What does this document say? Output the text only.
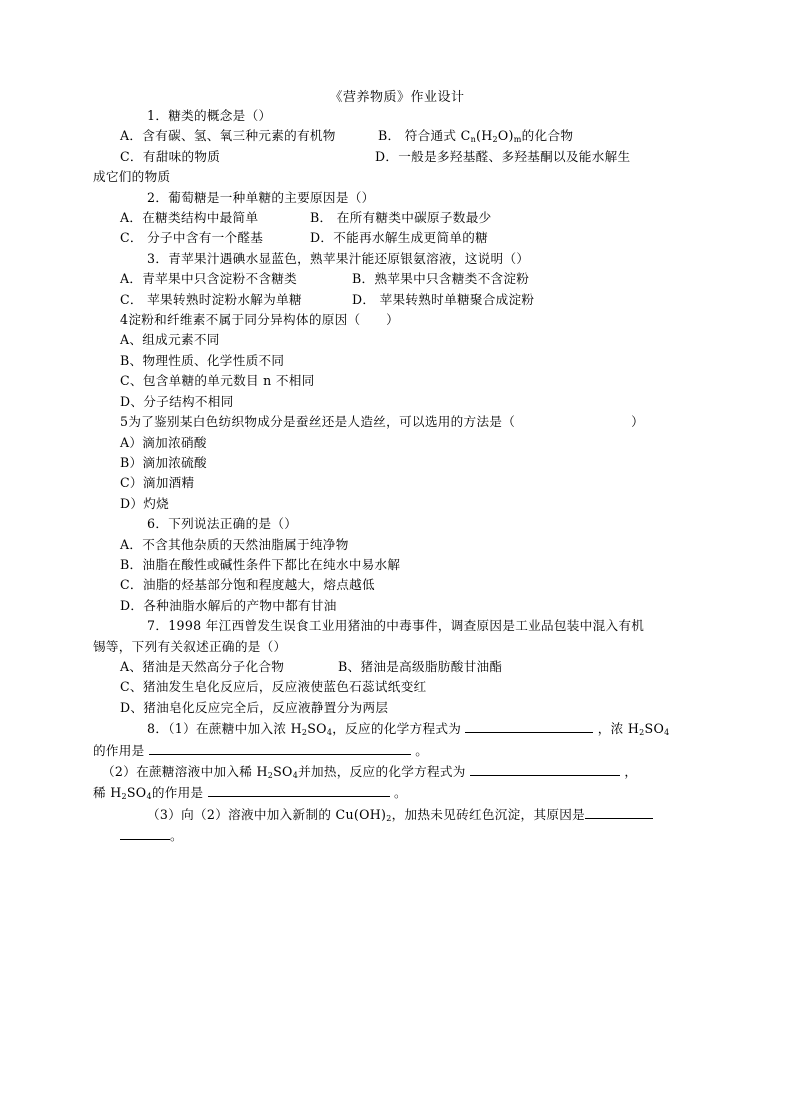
《营养物质》作业设计
1．糖类的概念是（）
A．含有碳、氢、氧三种元素的有机物	B． 符合通式 $C_n(H_2O)_m$的化合物
C．有甜味的物质	D．一般是多羟基醛、多羟基酮以及能水解生
成它们的物质
2．葡萄糖是一种单糖的主要原因是（）
A．在糖类结构中最简单	B． 在所有糖类中碳原子数最少
C． 分子中含有一个醛基	D．不能再水解生成更简单的糖
3．青苹果汁遇碘水显蓝色，熟苹果汁能还原银氨溶液，这说明（）
A．青苹果中只含淀粉不含糖类	B．熟苹果中只含糖类不含淀粉
C． 苹果转熟时淀粉水解为单糖	D． 苹果转熟时单糖聚合成淀粉
4淀粉和纤维素不属于同分异构体的原因（　　）
A、组成元素不同
B、物理性质、化学性质不同
C、包含单糖的单元数目 n 不相同
D、分子结构不相同
5为了鉴别某白色纺织物成分是蚕丝还是人造丝，可以选用的方法是（　　　　　　　　　）
A）滴加浓硝酸
B）滴加浓硫酸
C）滴加酒精
D）灼烧
6．下列说法正确的是（）
A．不含其他杂质的天然油脂属于纯净物
B．油脂在酸性或碱性条件下都比在纯水中易水解
C．油脂的烃基部分饱和程度越大，熔点越低
D．各种油脂水解后的产物中都有甘油
7．1998 年江西曾发生误食工业用猪油的中毒事件，调查原因是工业品包装中混入有机
锡等，下列有关叙述正确的是（）
A、猪油是天然高分子化合物	B、猪油是高级脂肪酸甘油酯
C、猪油发生皂化反应后，反应液使蓝色石蕊试纸变红
D、猪油皂化反应完全后，反应液静置分为两层
8．（1）在蔗糖中加入浓 $H_2SO_4$，反应的化学方程式为	，浓 $H_2SO_4$
的作用是	。
（2）在蔗糖溶液中加入稀 $H_2SO_4$并加热，反应的化学方程式为	，
稀 $H_2SO_4$的作用是	。
（3）向（2）溶液中加入新制的 $Cu(OH)_2$，加热未见砖红色沉淀，其原因是
。
